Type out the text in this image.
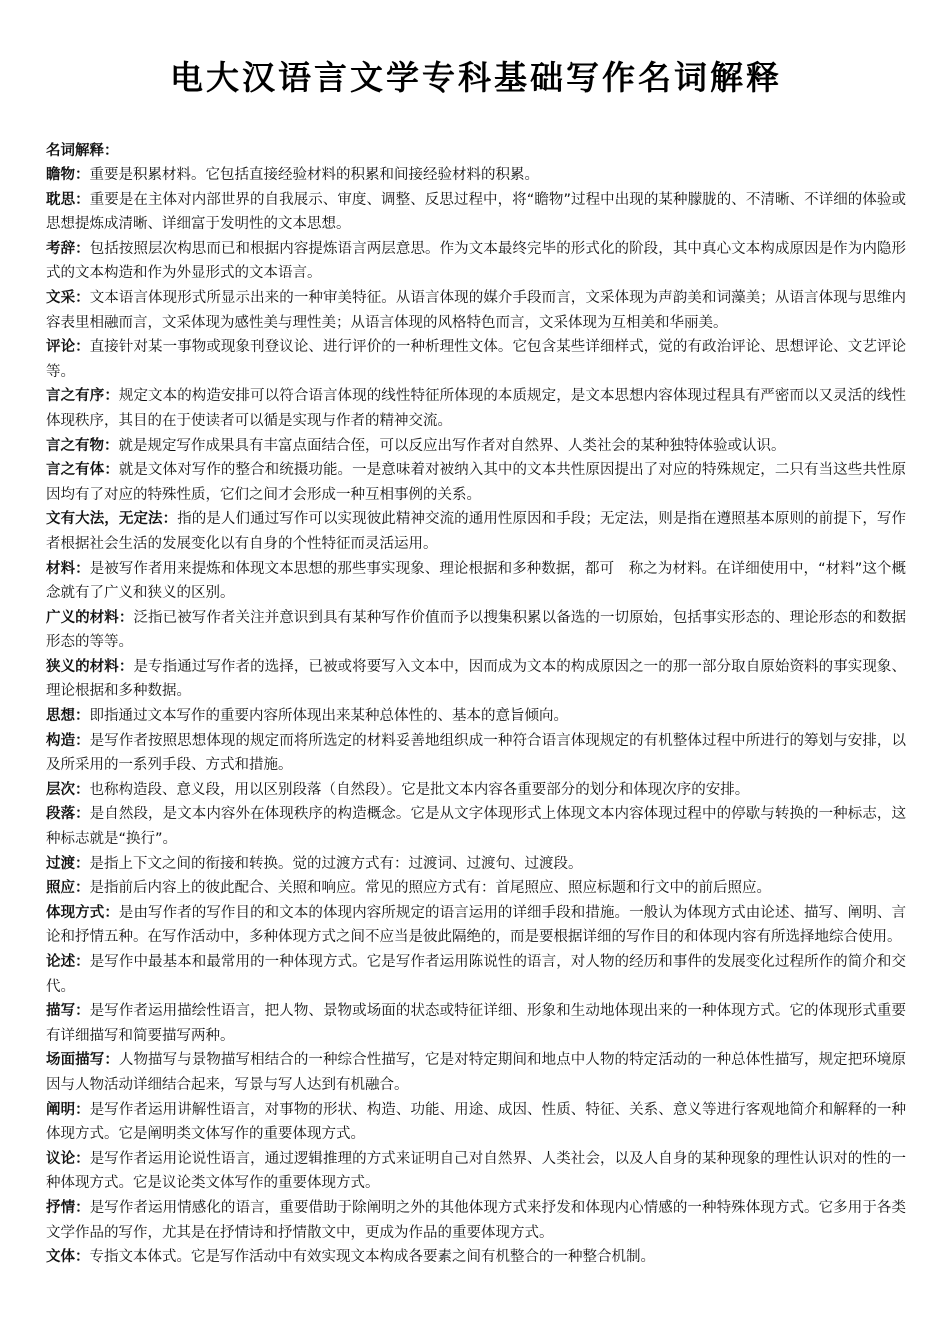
电大汉语言文学专科基础写作名词解释
名词解释：

瞻物：重要是积累材料。它包括直接经验材料的积累和间接经验材料的积累。

耽思：重要是在主体对内部世界的自我展示、审度、调整、反思过程中，将“瞻物”过程中出现的某种朦胧的、不清晰、不详细的体验或思想提炼成清晰、详细富于发明性的文本思想。

考辞：包括按照层次构思而已和根据内容提炼语言两层意思。作为文本最终完毕的形式化的阶段，其中真心文本构成原因是作为内隐形式的文本构造和作为外显形式的文本语言。

文采：文本语言体现形式所显示出来的一种审美特征。从语言体现的媒介手段而言，文采体现为声韵美和词藻美；从语言体现与思维内容表里相融而言，文采体现为感性美与理性美；从语言体现的风格特色而言，文采体现为互相美和华丽美。

评论：直接针对某一事物或现象刊登议论、进行评价的一种析理性文体。它包含某些详细样式，觉的有政治评论、思想评论、文艺评论等。

言之有序：规定文本的构造安排可以符合语言体现的线性特征所体现的本质规定，是文本思想内容体现过程具有严密而以又灵活的线性体现秩序，其目的在于使读者可以循是实现与作者的精神交流。

言之有物：就是规定写作成果具有丰富点面结合侄，可以反应出写作者对自然界、人类社会的某种独特体验或认识。

言之有体：就是文体对写作的整合和统摄功能。一是意味着对被纳入其中的文本共性原因提出了对应的特殊规定，二只有当这些共性原因均有了对应的特殊性质，它们之间才会形成一种互相事例的关系。

文有大法，无定法：指的是人们通过写作可以实现彼此精神交流的通用性原因和手段；无定法，则是指在遵照基本原则的前提下，写作者根据社会生活的发展变化以有自身的个性特征而灵活运用。

材料：是被写作者用来提炼和体现文本思想的那些事实现象、理论根据和多种数据，都可　称之为材料。在详细使用中，“材料”这个概念就有了广义和狭义的区别。

广义的材料：泛指已被写作者关注并意识到具有某种写作价值而予以搜集积累以备选的一切原始，包括事实形态的、理论形态的和数据形态的等等。

狭义的材料：是专指通过写作者的选择，已被或将要写入文本中，因而成为文本的构成原因之一的那一部分取自原始资料的事实现象、理论根据和多种数据。

思想：即指通过文本写作的重要内容所体现出来某种总体性的、基本的意旨倾向。

构造：是写作者按照思想体现的规定而将所选定的材料妥善地组织成一种符合语言体现规定的有机整体过程中所进行的筹划与安排，以及所采用的一系列手段、方式和措施。

层次：也称构造段、意义段，用以区别段落（自然段）。它是批文本内容各重要部分的划分和体现次序的安排。

段落：是自然段，是文本内容外在体现秩序的构造概念。它是从文字体现形式上体现文本内容体现过程中的停歇与转换的一种标志，这种标志就是“换行”。

过渡：是指上下文之间的衔接和转换。觉的过渡方式有：过渡词、过渡句、过渡段。

照应：是指前后内容上的彼此配合、关照和响应。常见的照应方式有：首尾照应、照应标题和行文中的前后照应。

体现方式：是由写作者的写作目的和文本的体现内容所规定的语言运用的详细手段和措施。一般认为体现方式由论述、描写、阐明、言论和抒情五种。在写作活动中，多种体现方式之间不应当是彼此隔绝的，而是要根据详细的写作目的和体现内容有所选择地综合使用。

论述：是写作中最基本和最常用的一种体现方式。它是写作者运用陈说性的语言，对人物的经历和事件的发展变化过程所作的简介和交代。

描写：是写作者运用描绘性语言，把人物、景物或场面的状态或特征详细、形象和生动地体现出来的一种体现方式。它的体现形式重要有详细描写和简要描写两种。

场面描写：人物描写与景物描写相结合的一种综合性描写，它是对特定期间和地点中人物的特定活动的一种总体性描写，规定把环境原因与人物活动详细结合起来，写景与写人达到有机融合。

阐明：是写作者运用讲解性语言，对事物的形状、构造、功能、用途、成因、性质、特征、关系、意义等进行客观地简介和解释的一种体现方式。它是阐明类文体写作的重要体现方式。

议论：是写作者运用论说性语言，通过逻辑推理的方式来证明自己对自然界、人类社会，以及人自身的某种现象的理性认识对的性的一种体现方式。它是议论类文体写作的重要体现方式。

抒情：是写作者运用情感化的语言，重要借助于除阐明之外的其他体现方式来抒发和体现内心情感的一种特殊体现方式。它多用于各类文学作品的写作，尤其是在抒情诗和抒情散文中，更成为作品的重要体现方式。

文体：专指文本体式。它是写作活动中有效实现文本构成各要素之间有机整合的一种整合机制。
